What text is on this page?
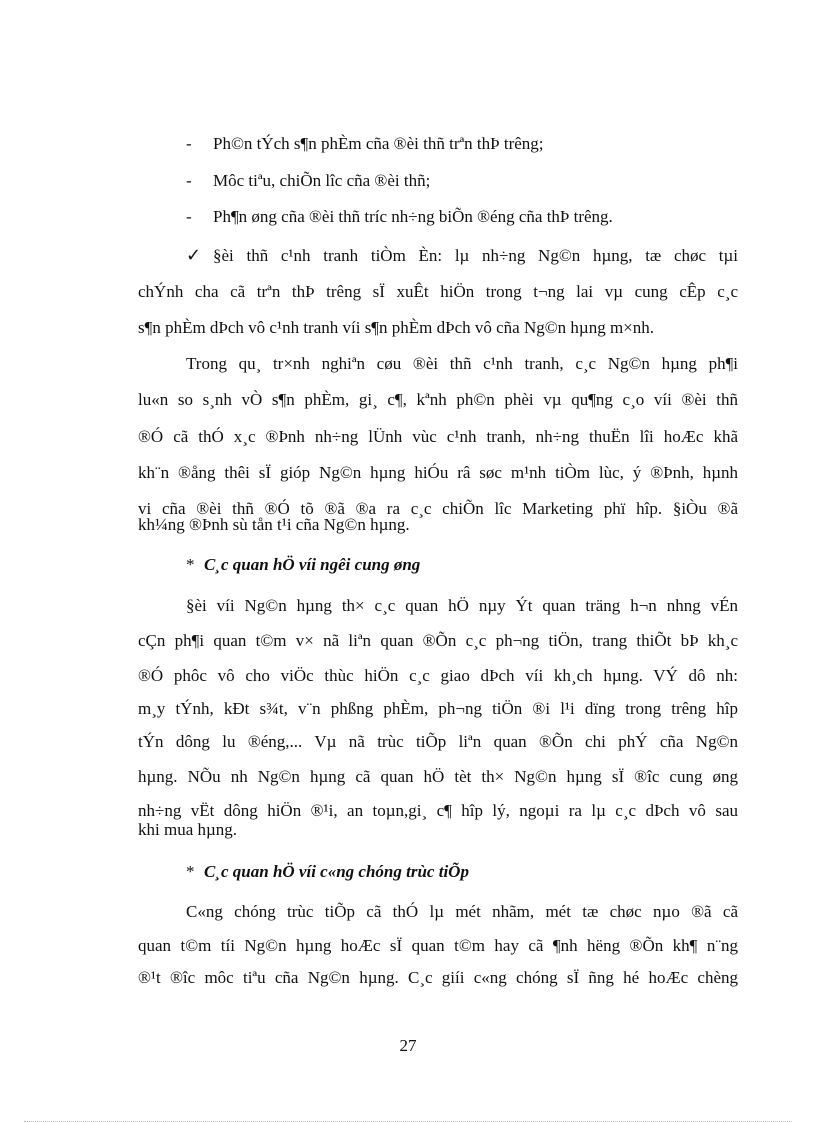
- Ph©n tÝch s¶n phÈm cña ®èi thñ trªn thÞ trêng;
- Môc tiªu, chiÕn lîc cña ®èi thñ;
- Ph¶n øng cña ®èi thñ tríc nh÷ng biÕn ®éng cña thÞ trêng.
✓ §èi thñ c¹nh tranh tiÒm Èn: lµ nh÷ng Ng©n hµng, tæ chøc tµi
chÝnh cha cã trªn thÞ trêng sÏ xuÊt hiÖn trong t¬ng lai vµ cung cÊp c¸c
s¶n phÈm dÞch vô c¹nh tranh víi s¶n phÈm dÞch vô cña Ng©n hµng m×nh.
Trong qu¸ tr×nh nghiªn cøu ®èi thñ c¹nh tranh, c¸c Ng©n hµng ph¶i
lu«n so s¸nh vÒ s¶n phÈm, gi¸ c¶, kªnh ph©n phèi vµ qu¶ng c¸o víi ®èi thñ
®Ó cã thÓ x¸c ®Þnh nh÷ng lÜnh vùc c¹nh tranh, nh÷ng thuËn lîi hoÆc khã
kh¨n ®ång thêi sÏ gióp Ng©n hµng hiÓu râ søc m¹nh tiÒm lùc, ý ®Þnh, hµnh
vi cña ®èi thñ ®Ó tõ ®ã ®a ra c¸c chiÕn lîc Marketing phï hîp. §iÒu ®ã
kh¼ng ®Þnh sù tån t¹i cña Ng©n hµng.
* C¸c quan hÖ víi ngêi cung øng
§èi víi Ng©n hµng th× c¸c quan hÖ nµy Ýt quan träng h¬n nhng vÉn
cÇn ph¶i quan t©m v× nã liªn quan ®Õn c¸c ph¬ng tiÖn, trang thiÕt bÞ kh¸c
®Ó phôc vô cho viÖc thùc hiÖn c¸c giao dÞch víi kh¸ch hµng. VÝ dô nh:
m¸y tÝnh, kÐt s¾t, v¨n phßng phÈm, ph¬ng tiÖn ®i l¹i dïng trong trêng hîp
tÝn dông lu ®éng,... Vµ nã trùc tiÕp liªn quan ®Õn chi phÝ cña Ng©n
hµng. NÕu nh Ng©n hµng cã quan hÖ tèt th× Ng©n hµng sÏ ®îc cung øng
nh÷ng vËt dông hiÖn ®¹i, an toµn,gi¸ c¶ hîp lý, ngoµi ra lµ c¸c dÞch vô sau
khi mua hµng.
* C¸c quan hÖ víi c«ng chóng trùc tiÕp
C«ng chóng trùc tiÕp cã thÓ lµ mét nhãm, mét tæ chøc nµo ®ã cã
quan t©m tíi Ng©n hµng hoÆc sÏ quan t©m hay cã ¶nh hëng ®Õn kh¶ n¨ng
®¹t ®îc môc tiªu cña Ng©n hµng. C¸c giíi c«ng chóng sÏ ñng hé hoÆc chèng
27
